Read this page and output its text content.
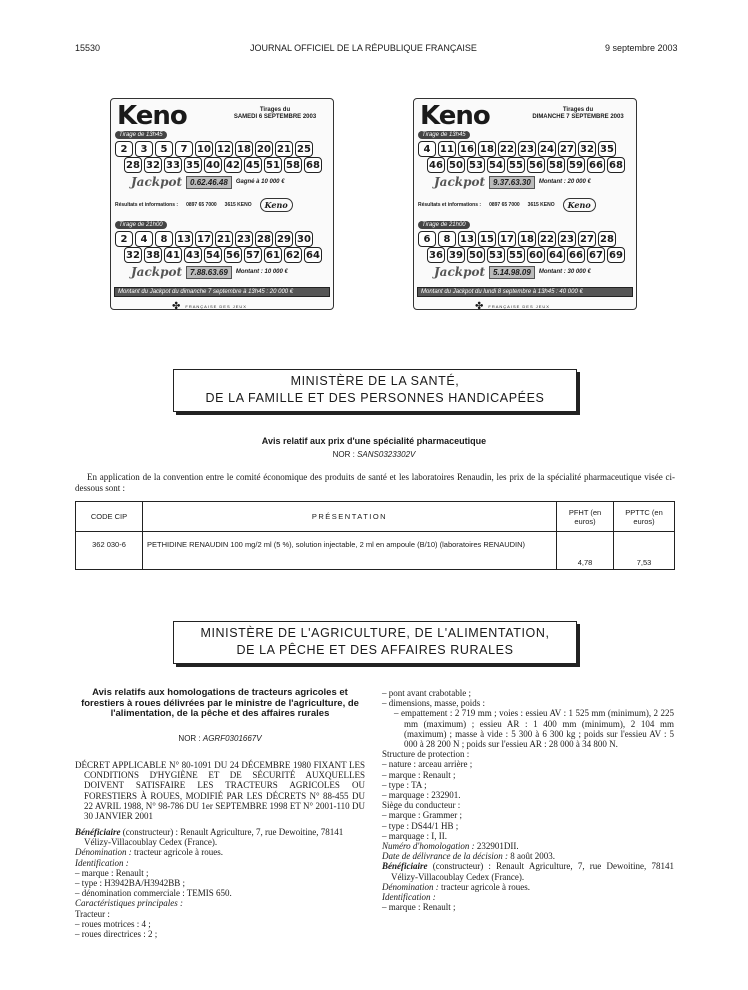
15530	JOURNAL OFFICIEL DE LA RÉPUBLIQUE FRANÇAISE	9 septembre 2003
Keno	Tirages du
SAMEDI 6 SEPTEMBRE 2003
Tirage de 13h45
2	3	5	7 10 12 18 20 21 25
28 32 33 35 40 42 45 51 58 68
Jackpot	0.62.46.48	Gagné à 10 000 €
Résultats et informations : 0897 65 7000 3615 KENO	Keno
Tirage de 21h00
2	4	8 13 17 21 23 28 29 30
32 38 41 43 54 56 57 61 62 64
Jackpot	7.88.63.69	Montant : 10 000 €
Montant du Jackpot du dimanche 7 septembre à 13h45 : 20 000 €
✤ FRANÇAISE DES JEUX
Keno	Tirages du
DIMANCHE 7 SEPTEMBRE 2003
Tirage de 13h45
4 11 16 18 22 23 24 27 32 35
46 50 53 54 55 56 58 59 66 68
Jackpot	9.37.63.30	Montant : 20 000 €
Résultats et informations : 0897 65 7000 3615 KENO	Keno
Tirage de 21h00
6	8 13 15 17 18 22 23 27 28
36 39 50 53 55 60 64 66 67 69
Jackpot	5.14.98.09	Montant : 30 000 €
Montant du Jackpot du lundi 8 septembre à 13h45 : 40 000 €
✤ FRANÇAISE DES JEUX
MINISTÈRE DE LA SANTÉ,
DE LA FAMILLE ET DES PERSONNES HANDICAPÉES
Avis relatif aux prix d'une spécialité pharmaceutique
NOR : SANS0323302V
En application de la convention entre le comité économique des produits de santé et les laboratoires Renaudin, les prix de la spécialité pharmaceutique visée ci-dessous sont :
CODE CIP	PRÉSENTATION	PFHT (en euros)	PPTTC (en euros)
362 030-6	PETHIDINE RENAUDIN 100 mg/2 ml (5 %), solution injectable, 2 ml en ampoule (B/10) (laboratoires RENAUDIN)	4,78	7,53
MINISTÈRE DE L'AGRICULTURE, DE L'ALIMENTATION,
DE LA PÊCHE ET DES AFFAIRES RURALES
Avis relatifs aux homologations de tracteurs agricoles et forestiers à roues délivrées par le ministre de l'agriculture, de l'alimentation, de la pêche et des affaires rurales
NOR : AGRF0301667V

DÉCRET APPLICABLE N° 80-1091 DU 24 DÉCEMBRE 1980 FIXANT LES CONDITIONS D'HYGIÈNE ET DE SÉCURITÉ AUXQUELLES DOIVENT SATISFAIRE LES TRACTEURS AGRICOLES OU FORESTIERS À ROUES, MODIFIÉ PAR LES DÉCRETS N° 88-455 DU 22 AVRIL 1988, N° 98-786 DU 1er SEPTEMBRE 1998 ET N° 2001-110 DU 30 JANVIER 2001

Bénéficiaire (constructeur) : Renault Agriculture, 7, rue Dewoitine, 78141 Vélizy-Villacoublay Cedex (France).

Dénomination : tracteur agricole à roues.

Identification :

– marque : Renault ;

– type : H3942BA/H3942BB ;

– dénomination commerciale : TEMIS 650.

Caractéristiques principales :

Tracteur :

– roues motrices : 4 ;

– roues directrices : 2 ;

– pont avant crabotable ;

– dimensions, masse, poids :

– empattement : 2 719 mm ; voies : essieu AV : 1 525 mm (minimum), 2 225 mm (maximum) ; essieu AR : 1 400 mm (minimum), 2 104 mm (maximum) ; masse à vide : 5 300 à 6 300 kg ; poids sur l'essieu AV : 5 000 à 28 200 N ; poids sur l'essieu AR : 28 000 à 34 800 N.

Structure de protection :

– nature : arceau arrière ;

– marque : Renault ;

– type : TA ;

– marquage : 232901.

Siège du conducteur :

– marque : Grammer ;

– type : DS44/1 HB ;

– marquage : I, II.

Numéro d'homologation : 232901DII.

Date de délivrance de la décision : 8 août 2003.

Bénéficiaire (constructeur) : Renault Agriculture, 7, rue Dewoitine, 78141 Vélizy-Villacoublay Cedex (France).

Dénomination : tracteur agricole à roues.

Identification :

– marque : Renault ;
